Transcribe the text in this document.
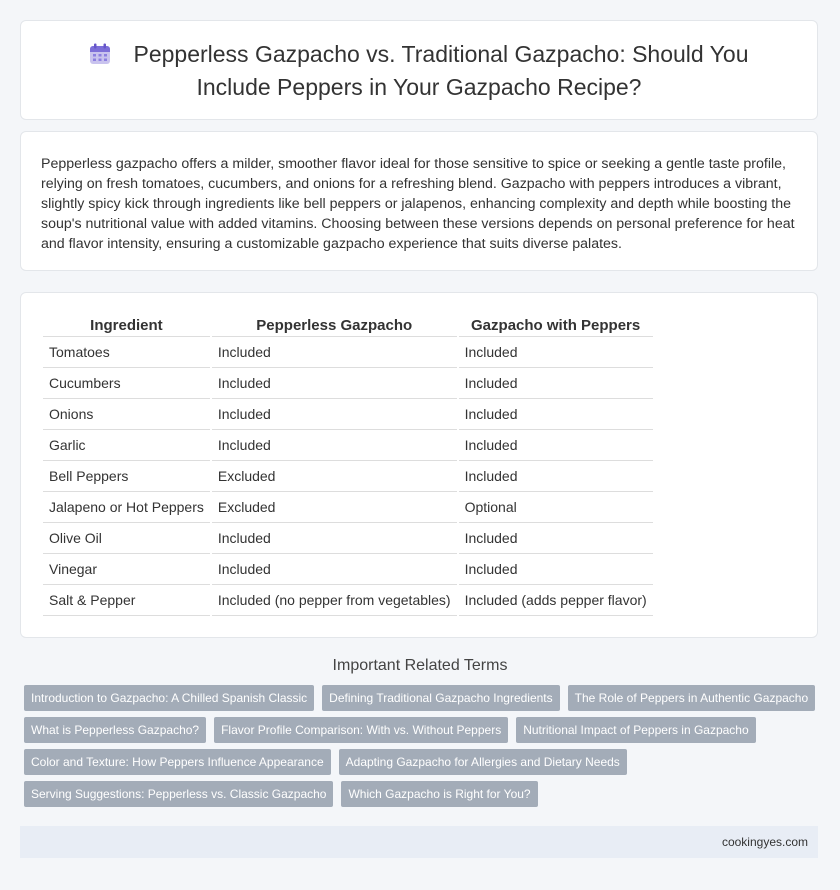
Pepperless Gazpacho vs. Traditional Gazpacho: Should You Include Peppers in Your Gazpacho Recipe?

Pepperless gazpacho offers a milder, smoother flavor ideal for those sensitive to spice or seeking a gentle taste profile, relying on fresh tomatoes, cucumbers, and onions for a refreshing blend. Gazpacho with peppers introduces a vibrant, slightly spicy kick through ingredients like bell peppers or jalapenos, enhancing complexity and depth while boosting the soup's nutritional value with added vitamins. Choosing between these versions depends on personal preference for heat and flavor intensity, ensuring a customizable gazpacho experience that suits diverse palates.

Ingredient	Pepperless Gazpacho	Gazpacho with Peppers
Tomatoes	Included	Included
Cucumbers	Included	Included
Onions	Included	Included
Garlic	Included	Included
Bell Peppers	Excluded	Included
Jalapeno or Hot Peppers	Excluded	Optional
Olive Oil	Included	Included
Vinegar	Included	Included
Salt & Pepper	Included (no pepper from vegetables)	Included (adds pepper flavor)
Important Related Terms
Introduction to Gazpacho: A Chilled Spanish Classic	Defining Traditional Gazpacho Ingredients	The Role of Peppers in Authentic Gazpacho
What is Pepperless Gazpacho?	Flavor Profile Comparison: With vs. Without Peppers	Nutritional Impact of Peppers in Gazpacho
Color and Texture: How Peppers Influence Appearance	Adapting Gazpacho for Allergies and Dietary Needs
Serving Suggestions: Pepperless vs. Classic Gazpacho	Which Gazpacho is Right for You?
cookingyes.com
